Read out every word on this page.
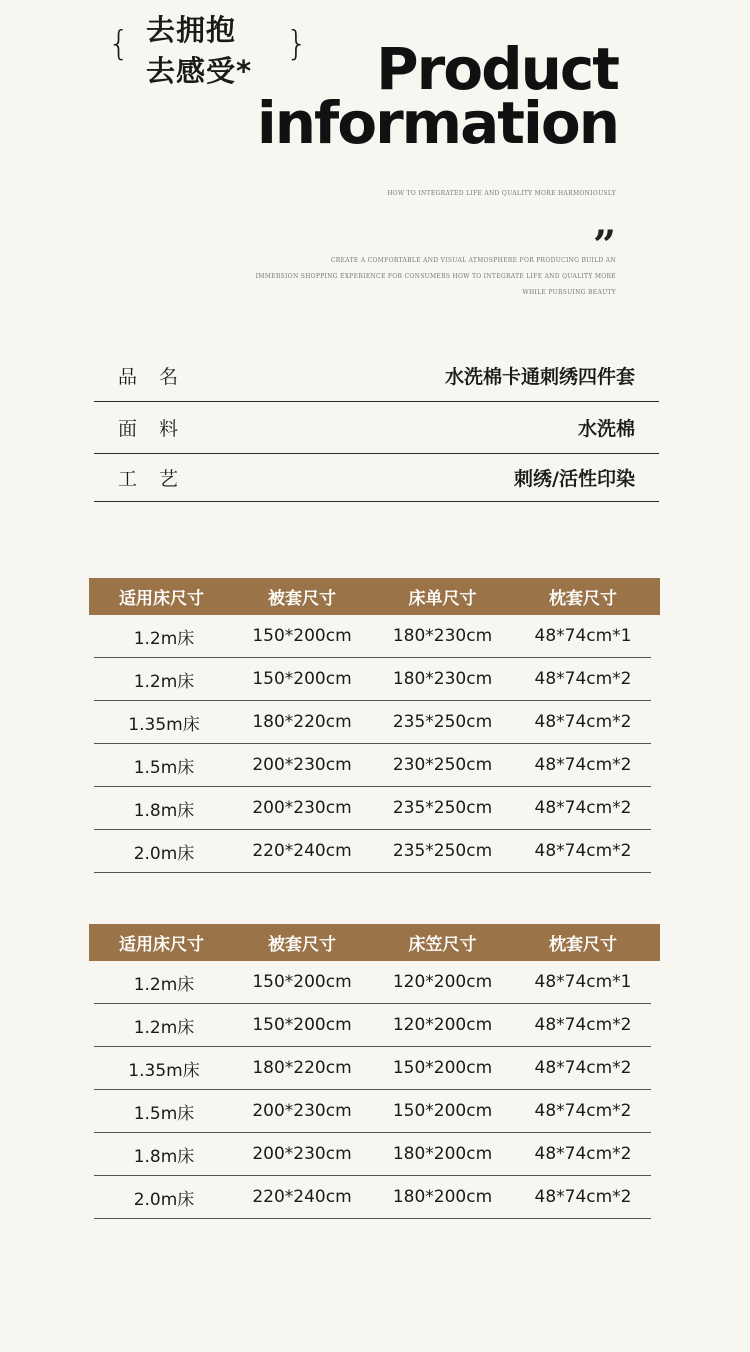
{	}
去拥抱
去感受* Product
information
HOW TO INTEGRATED LIFE AND QUALITY MORE HARMONIOUSLY
”
CREATE A COMFORTABLE AND VISUAL ATMOSPHERE FOR PRODUCING BUILD AN
IMMERSION SHOPPING EXPERIENCE FOR CONSUMERS HOW TO INTEGRATE LIFE AND QUALITY MORE
WHILE PURSUING BEAUTY
品名	水洗棉卡通刺绣四件套
面料	水洗棉
工艺	刺绣/活性印染
适用床尺寸	被套尺寸	床单尺寸	枕套尺寸
1.2m床	150*200cm	180*230cm	48*74cm*1
1.2m床	150*200cm	180*230cm	48*74cm*2
1.35m床	180*220cm	235*250cm	48*74cm*2
1.5m床	200*230cm	230*250cm	48*74cm*2
1.8m床	200*230cm	235*250cm	48*74cm*2
2.0m床	220*240cm	235*250cm	48*74cm*2
适用床尺寸	被套尺寸	床笠尺寸	枕套尺寸
1.2m床	150*200cm	120*200cm	48*74cm*1
1.2m床	150*200cm	120*200cm	48*74cm*2
1.35m床	180*220cm	150*200cm	48*74cm*2
1.5m床	200*230cm	150*200cm	48*74cm*2
1.8m床	200*230cm	180*200cm	48*74cm*2
2.0m床	220*240cm	180*200cm	48*74cm*2
